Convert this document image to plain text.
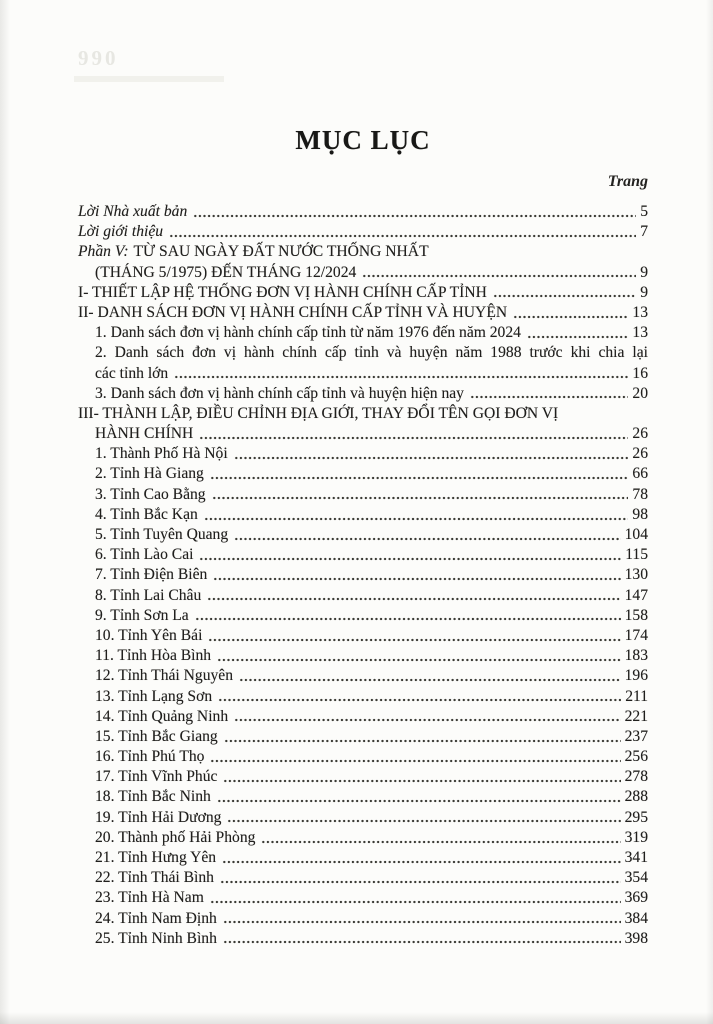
990
MỤC LỤC
Trang
Lời Nhà xuất bản	5
Lời giới thiệu	7
Phần V: TỪ SAU NGÀY ĐẤT NƯỚC THỐNG NHẤT
(THÁNG 5/1975) ĐẾN THÁNG 12/2024	9
I- THIẾT LẬP HỆ THỐNG ĐƠN VỊ HÀNH CHÍNH CẤP TỈNH	9
II- DANH SÁCH ĐƠN VỊ HÀNH CHÍNH CẤP TỈNH VÀ HUYỆN	13
1. Danh sách đơn vị hành chính cấp tỉnh từ năm 1976 đến năm 2024	13
2. Danh sách đơn vị hành chính cấp tỉnh và huyện năm 1988 trước khi chia lại
các tỉnh lớn	16
3. Danh sách đơn vị hành chính cấp tỉnh và huyện hiện nay	20
III- THÀNH LẬP, ĐIỀU CHỈNH ĐỊA GIỚI, THAY ĐỔI TÊN GỌI ĐƠN VỊ
HÀNH CHÍNH	26
1. Thành Phố Hà Nội	26
2. Tỉnh Hà Giang	66
3. Tỉnh Cao Bằng	78
4. Tỉnh Bắc Kạn	98
5. Tỉnh Tuyên Quang	104
6. Tỉnh Lào Cai	115
7. Tỉnh Điện Biên	130
8. Tỉnh Lai Châu	147
9. Tỉnh Sơn La	158
10. Tỉnh Yên Bái	174
11. Tỉnh Hòa Bình	183
12. Tỉnh Thái Nguyên	196
13. Tỉnh Lạng Sơn	211
14. Tỉnh Quảng Ninh	221
15. Tỉnh Bắc Giang	237
16. Tỉnh Phú Thọ	256
17. Tỉnh Vĩnh Phúc	278
18. Tỉnh Bắc Ninh	288
19. Tỉnh Hải Dương	295
20. Thành phố Hải Phòng	319
21. Tỉnh Hưng Yên	341
22. Tỉnh Thái Bình	354
23. Tỉnh Hà Nam	369
24. Tỉnh Nam Định	384
25. Tỉnh Ninh Bình	398
